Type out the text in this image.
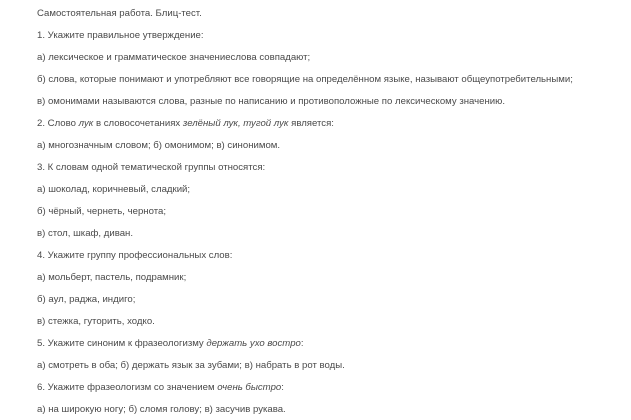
Самостоятельная работа. Блиц-тест.
1. Укажите правильное утверждение:
а) лексическое и грамматическое значениеслова совпадают;
б) слова, которые понимают и употребляют все говорящие на определённом языке, называют общеупотребительными;
в) омонимами называются слова, разные по написанию и противоположные по лексическому значению.
2. Слово лук в словосочетаниях зелёный лук, тугой лук является:
а) многозначным словом; б) омонимом; в) синонимом.
3. К словам одной тематической группы относятся:
а) шоколад, коричневый, сладкий;
б) чёрный, чернеть, чернота;
в) стол, шкаф, диван.
4. Укажите группу профессиональных слов:
а) мольберт, пастель, подрамник;
б) аул, раджа, индиго;
в) стежка, гуторить, ходко.
5. Укажите синоним к фразеологизму держать ухо востро:
а) смотреть в оба; б) держать язык за зубами; в) набрать в рот воды.
6. Укажите фразеологизм со значением очень быстро:
а) на широкую ногу; б) сломя голову; в) засучив рукава.
